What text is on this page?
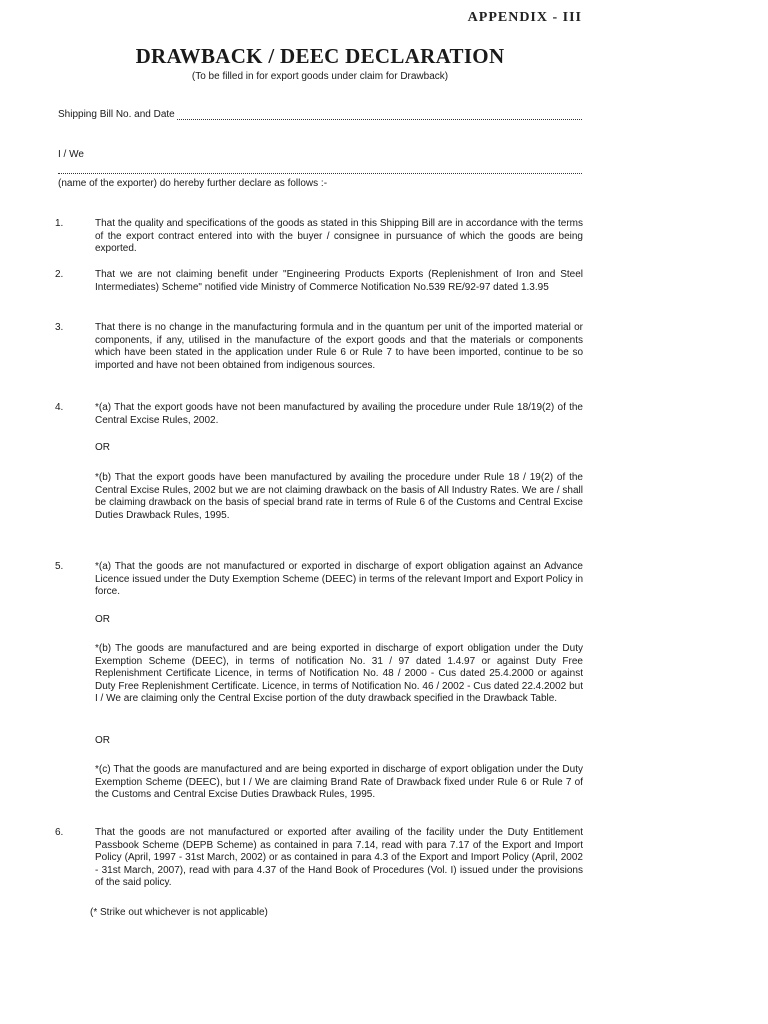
APPENDIX - III
DRAWBACK / DEEC DECLARATION
(To be filled in for export goods under claim for Drawback)
Shipping Bill No. and Date
I / We
(name of the exporter) do hereby further declare as follows :-
1.	That the quality and specifications of the goods as stated in this Shipping Bill are in accordance with the terms of the export contract entered into with the buyer / consignee in pursuance of which the goods are being exported.
2.	That we are not claiming benefit under "Engineering Products Exports (Replenishment of Iron and Steel Intermediates) Scheme" notified vide Ministry of Commerce Notification No.539 RE/92-97 dated 1.3.95
3.	That there is no change in the manufacturing formula and in the quantum per unit of the imported material or components, if any, utilised in the manufacture of the export goods and that the materials or components which have been stated in the application under Rule 6 or Rule 7 to have been imported, continue to be so imported and have not been obtained from indigenous sources.
4.	*(a) That the export goods have not been manufactured by availing the procedure under Rule 18/19(2) of the Central Excise Rules, 2002.
OR
*(b) That the export goods have been manufactured by availing the procedure under Rule 18 / 19(2) of the Central Excise Rules, 2002 but we are not claiming drawback on the basis of All Industry Rates. We are / shall be claiming drawback on the basis of special brand rate in terms of Rule 6 of the Customs and Central Excise Duties Drawback Rules, 1995.
5.	*(a) That the goods are not manufactured or exported in discharge of export obligation against an Advance Licence issued under the Duty Exemption Scheme (DEEC) in terms of the relevant Import and Export Policy in force.
OR
*(b) The goods are manufactured and are being exported in discharge of export obligation under the Duty Exemption Scheme (DEEC), in terms of notification No. 31 / 97 dated 1.4.97 or against Duty Free Replenishment Certificate Licence, in terms of Notification No. 48 / 2000 - Cus dated 25.4.2000 or against Duty Free Replenishment Certificate. Licence, in terms of Notification No. 46 / 2002 - Cus dated 22.4.2002 but I / We are claiming only the Central Excise portion of the duty drawback specified in the Drawback Table.
OR
*(c) That the goods are manufactured and are being exported in discharge of export obligation under the Duty Exemption Scheme (DEEC), but I / We are claiming Brand Rate of Drawback fixed under Rule 6 or Rule 7 of the Customs and Central Excise Duties Drawback Rules, 1995.
6.	That the goods are not manufactured or exported after availing of the facility under the Duty Entitlement Passbook Scheme (DEPB Scheme) as contained in para 7.14, read with para 7.17 of the Export and Import Policy (April, 1997 - 31st March, 2002) or as contained in para 4.3 of the Export and Import Policy (April, 2002 - 31st March, 2007), read with para 4.37 of the Hand Book of Procedures (Vol. I) issued under the provisions of the said policy.
(* Strike out whichever is not applicable)
